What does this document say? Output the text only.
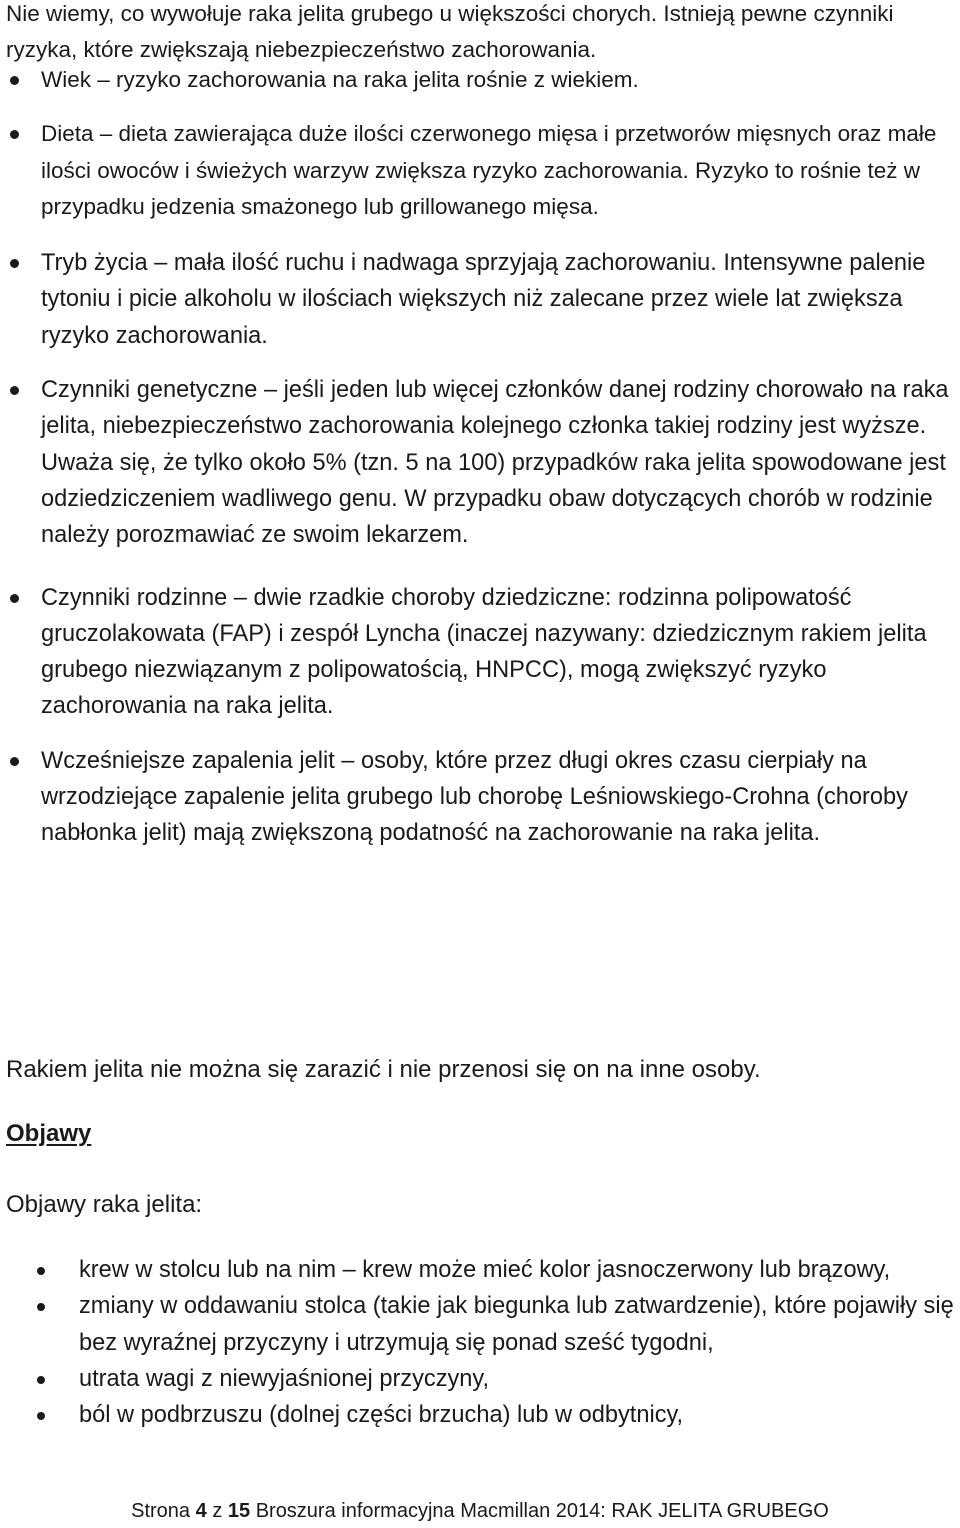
Nie wiemy, co wywołuje raka jelita grubego u większości chorych. Istnieją pewne czynniki ryzyka, które zwiększają niebezpieczeństwo zachorowania.

Wiek – ryzyko zachorowania na raka jelita rośnie z wiekiem.
Dieta – dieta zawierająca duże ilości czerwonego mięsa i przetworów mięsnych oraz małe ilości owoców i świeżych warzyw zwiększa ryzyko zachorowania. Ryzyko to rośnie też w przypadku jedzenia smażonego lub grillowanego mięsa.
Tryb życia – mała ilość ruchu i nadwaga sprzyjają zachorowaniu. Intensywne palenie tytoniu i picie alkoholu w ilościach większych niż zalecane przez wiele lat zwiększa ryzyko zachorowania.
Czynniki genetyczne – jeśli jeden lub więcej członków danej rodziny chorowało na raka jelita, niebezpieczeństwo zachorowania kolejnego członka takiej rodziny jest wyższe. Uważa się, że tylko około 5% (tzn. 5 na 100) przypadków raka jelita spowodowane jest odziedziczeniem wadliwego genu. W przypadku obaw dotyczących chorób w rodzinie należy porozmawiać ze swoim lekarzem.
Czynniki rodzinne – dwie rzadkie choroby dziedziczne: rodzinna polipowatość gruczolakowata (FAP) i zespół Lyncha (inaczej nazywany: dziedzicznym rakiem jelita grubego niezwiązanym z polipowatością, HNPCC), mogą zwiększyć ryzyko zachorowania na raka jelita.
Wcześniejsze zapalenia jelit – osoby, które przez długi okres czasu cierpiały na wrzodziejące zapalenie jelita grubego lub chorobę Leśniowskiego-Crohna (choroby nabłonka jelit) mają zwiększoną podatność na zachorowanie na raka jelita.

Rakiem jelita nie można się zarazić i nie przenosi się on na inne osoby.

Objawy

Objawy raka jelita:

krew w stolcu lub na nim – krew może mieć kolor jasnoczerwony lub brązowy,
zmiany w oddawaniu stolca (takie jak biegunka lub zatwardzenie), które pojawiły się bez wyraźnej przyczyny i utrzymują się ponad sześć tygodni,
utrata wagi z niewyjaśnionej przyczyny,
ból w podbrzuszu (dolnej części brzucha) lub w odbytnicy,
Strona 4 z 15 Broszura informacyjna Macmillan 2014: RAK JELITA GRUBEGO
